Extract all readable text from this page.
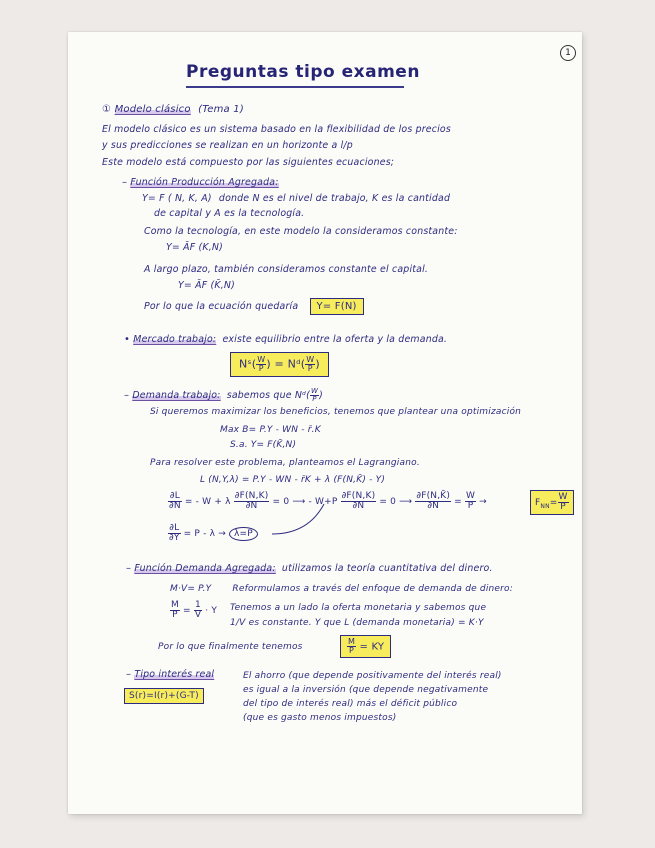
1
Preguntas tipo examen
① Modelo clásico (Tema 1)
El modelo clásico es un sistema basado en la flexibilidad de los precios
y sus predicciones se realizan en un horizonte a l/p
Este modelo está compuesto por las siguientes ecuaciones;
– Función Producción Agregada:
Y= F ( N, K, A) donde N es el nivel de trabajo, K es la cantidad
de capital y A es la tecnología.
Como la tecnología, en este modelo la consideramos constante:
Y= ĀF (K,N)
A largo plazo, también consideramos constante el capital.
Y= ĀF (K̄,N)
Por lo que la ecuación quedaría Y= F(N)
• Mercado trabajo: existe equilibrio entre la oferta y la demanda.
Nˢ( $\frac{W}{P}$ ) = Nᵈ( $\frac{W}{P}$ )
– Demanda trabajo: sabemos que Nᵈ( $\frac{W}{P}$ )
Si queremos maximizar los beneficios, tenemos que plantear una optimización
Max B= P.Y - WN - r̄.K
S.a. Y= F(K̄,N)
Para resolver este problema, planteamos el Lagrangiano.
L (N,Y,λ) = P.Y - WN - r̄K + λ (F(N,K̄) - Y)
$\frac{\partial L}{\partial N}$ = - W + λ $\frac{\partial F(N,K)}{\partial N} = 0$ ⟶ - $W+P \frac{\partial F(N,K)}{\partial N} = 0$ ⟶ $\frac{\partial F(N,K̄)}{\partial N} = \frac{W}{P}$ →	$F_{NN}= \frac{W}{P}$
$\frac{\partial L}{\partial Y} = P - \lambda \to \lambda=P$
– Función Demanda Agregada: utilizamos la teoría cuantitativa del dinero.
M·V= P.Y Reformulamos a través del enfoque de demanda de dinero:
$\frac{M}{P} = \frac{1}{V} \cdot Y$ Tenemos a un lado la oferta monetaria y sabemos que
1/V es constante. Y que L (demanda monetaria) = K·Y
Por lo que finalmente tenemos	$\frac{M}{P}$ = KY
– Tipo interés real
S(r)=I(r)+(G-T)
El ahorro (que depende positivamente del interés real)
es igual a la inversión (que depende negativamente
del tipo de interés real) más el déficit público
(que es gasto menos impuestos)
